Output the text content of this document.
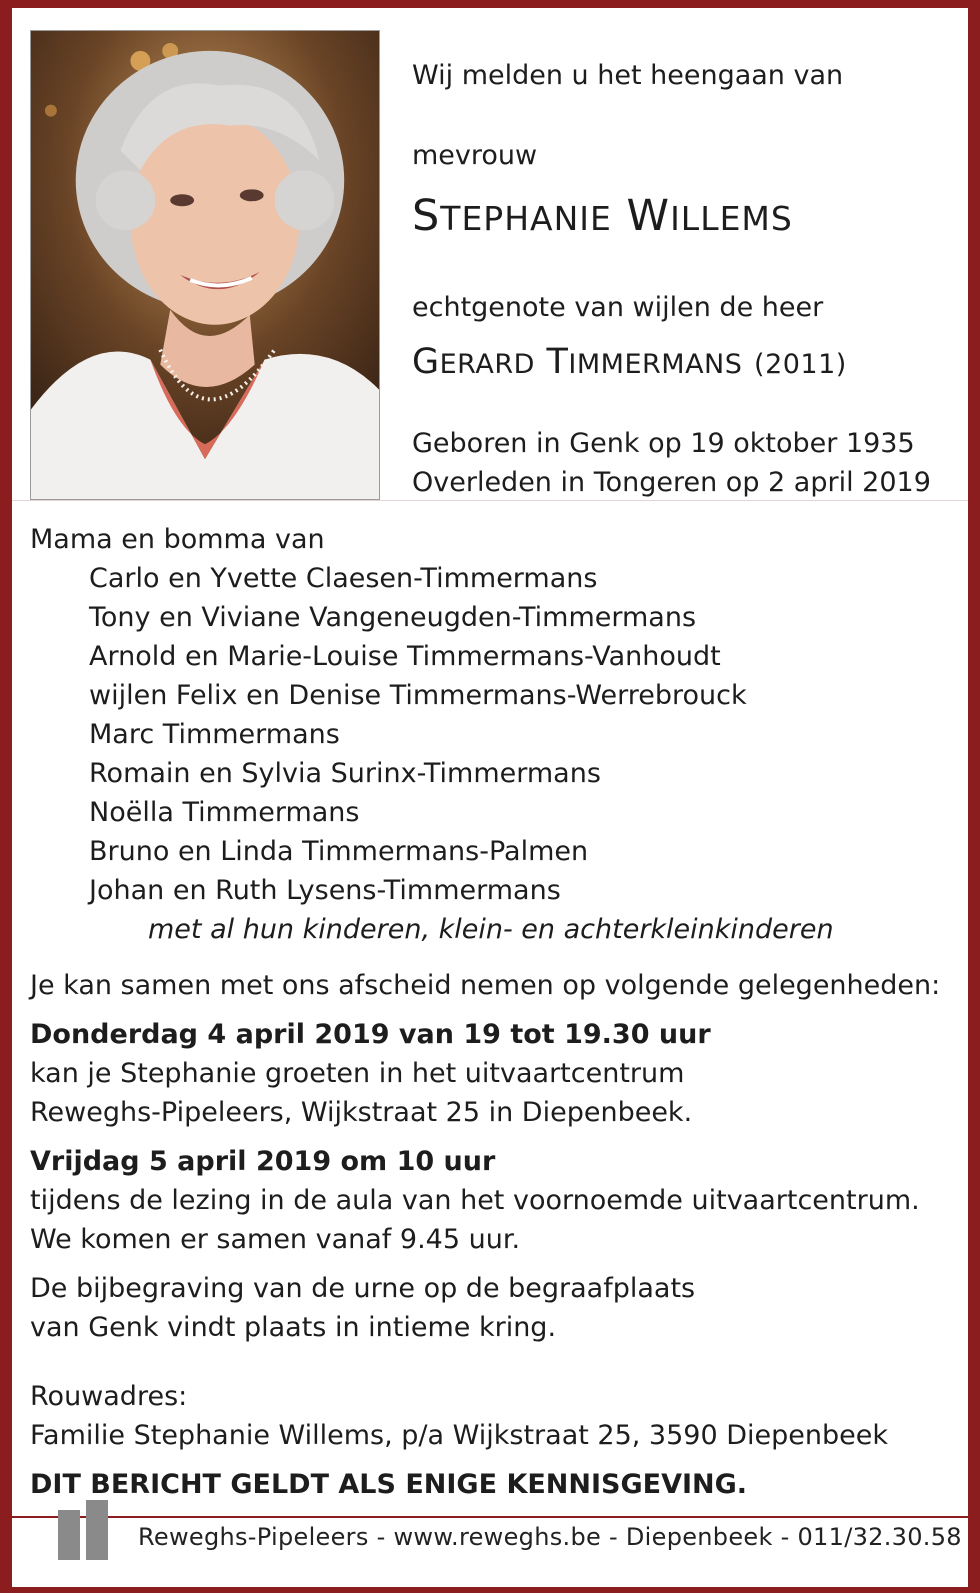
Wij melden u het heengaan van
mevrouw
STEPHANIE WILLEMS
echtgenote van wijlen de heer
GERARD TIMMERMANS (2011)
Geboren in Genk op 19 oktober 1935
Overleden in Tongeren op 2 april 2019
Mama en bomma van
Carlo en Yvette Claesen-Timmermans
Tony en Viviane Vangeneugden-Timmermans
Arnold en Marie-Louise Timmermans-Vanhoudt
wijlen Felix en Denise Timmermans-Werrebrouck
Marc Timmermans
Romain en Sylvia Surinx-Timmermans
Noëlla Timmermans
Bruno en Linda Timmermans-Palmen
Johan en Ruth Lysens-Timmermans
met al hun kinderen, klein- en achterkleinkinderen
Je kan samen met ons afscheid nemen op volgende gelegenheden:
Donderdag 4 april 2019 van 19 tot 19.30 uur
kan je Stephanie groeten in het uitvaartcentrum
Reweghs-Pipeleers, Wijkstraat 25 in Diepenbeek.
Vrijdag 5 april 2019 om 10 uur
tijdens de lezing in de aula van het voornoemde uitvaartcentrum.
We komen er samen vanaf 9.45 uur.
De bijbegraving van de urne op de begraafplaats
van Genk vindt plaats in intieme kring.
Rouwadres:
Familie Stephanie Willems, p/a Wijkstraat 25, 3590 Diepenbeek
DIT BERICHT GELDT ALS ENIGE KENNISGEVING.
Reweghs-Pipeleers - www.reweghs.be - Diepenbeek - 011/32.30.58
